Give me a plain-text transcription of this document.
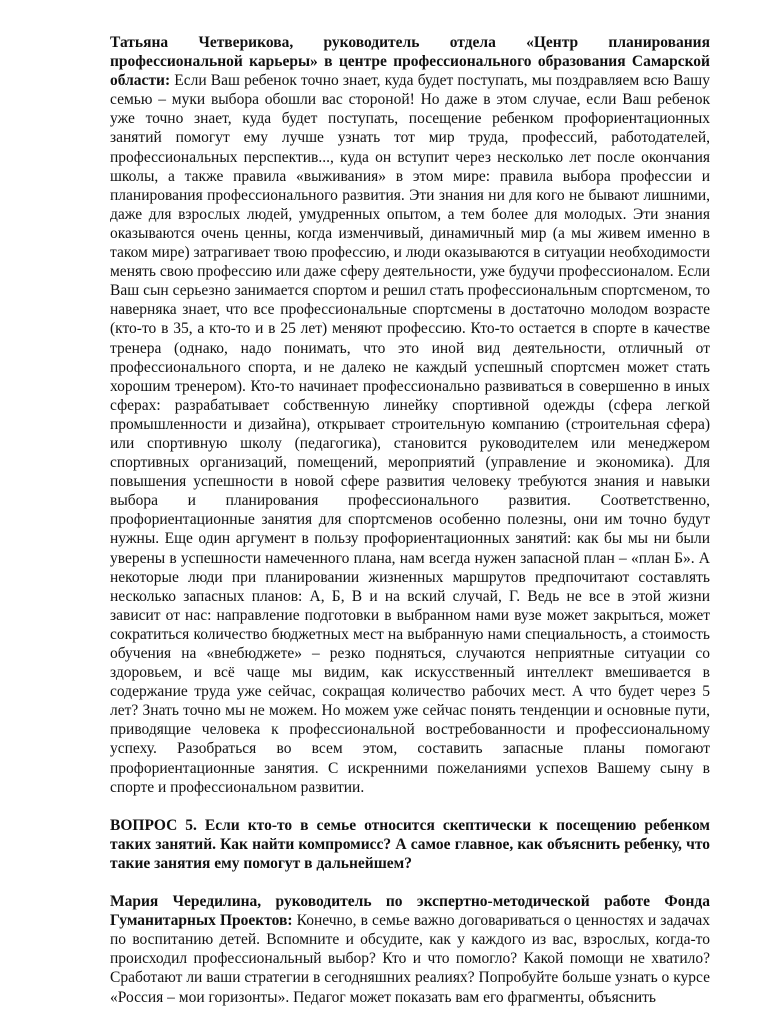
Татьяна Четверикова, руководитель отдела «Центр планирования профессиональной карьеры» в центре профессионального образования Самарской области: Если Ваш ребенок точно знает, куда будет поступать, мы поздравляем всю Вашу семью – муки выбора обошли вас стороной! Но даже в этом случае, если Ваш ребенок уже точно знает, куда будет поступать, посещение ребенком профориентационных занятий помогут ему лучше узнать тот мир труда, профессий, работодателей, профессиональных перспектив..., куда он вступит через несколько лет после окончания школы, а также правила «выживания» в этом мире: правила выбора профессии и планирования профессионального развития. Эти знания ни для кого не бывают лишними, даже для взрослых людей, умудренных опытом, а тем более для молодых. Эти знания оказываются очень ценны, когда изменчивый, динамичный мир (а мы живем именно в таком мире) затрагивает твою профессию, и люди оказываются в ситуации необходимости менять свою профессию или даже сферу деятельности, уже будучи профессионалом. Если Ваш сын серьезно занимается спортом и решил стать профессиональным спортсменом, то наверняка знает, что все профессиональные спортсмены в достаточно молодом возрасте (кто-то в 35, а кто-то и в 25 лет) меняют профессию. Кто-то остается в спорте в качестве тренера (однако, надо понимать, что это иной вид деятельности, отличный от профессионального спорта, и не далеко не каждый успешный спортсмен может стать хорошим тренером). Кто-то начинает профессионально развиваться в совершенно в иных сферах: разрабатывает собственную линейку спортивной одежды (сфера легкой промышленности и дизайна), открывает строительную компанию (строительная сфера) или спортивную школу (педагогика), становится руководителем или менеджером спортивных организаций, помещений, мероприятий (управление и экономика). Для повышения успешности в новой сфере развития человеку требуются знания и навыки выбора и планирования профессионального развития. Соответственно, профориентационные занятия для спортсменов особенно полезны, они им точно будут нужны. Еще один аргумент в пользу профориентационных занятий: как бы мы ни были уверены в успешности намеченного плана, нам всегда нужен запасной план – «план Б». А некоторые люди при планировании жизненных маршрутов предпочитают составлять несколько запасных планов: А, Б, В и на вский случай, Г. Ведь не все в этой жизни зависит от нас: направление подготовки в выбранном нами вузе может закрыться, может сократиться количество бюджетных мест на выбранную нами специальность, а стоимость обучения на «внебюджете» – резко подняться, случаются неприятные ситуации со здоровьем, и всё чаще мы видим, как искусственный интеллект вмешивается в содержание труда уже сейчас, сокращая количество рабочих мест. А что будет через 5 лет? Знать точно мы не можем. Но можем уже сейчас понять тенденции и основные пути, приводящие человека к профессиональной востребованности и профессиональному успеху. Разобраться во всем этом, составить запасные планы помогают профориентационные занятия. С искренними пожеланиями успехов Вашему сыну в спорте и профессиональном развитии.

ВОПРОС 5. Если кто-то в семье относится скептически к посещению ребенком таких занятий. Как найти компромисс? А самое главное, как объяснить ребенку, что такие занятия ему помогут в дальнейшем?

Мария Чередилина, руководитель по экспертно-методической работе Фонда Гуманитарных Проектов: Конечно, в семье важно договариваться о ценностях и задачах по воспитанию детей. Вспомните и обсудите, как у каждого из вас, взрослых, когда-то происходил профессиональный выбор? Кто и что помогло? Какой помощи не хватило? Сработают ли ваши стратегии в сегодняшних реалиях? Попробуйте больше узнать о курсе «Россия – мои горизонты». Педагог может показать вам его фрагменты, объяснить
